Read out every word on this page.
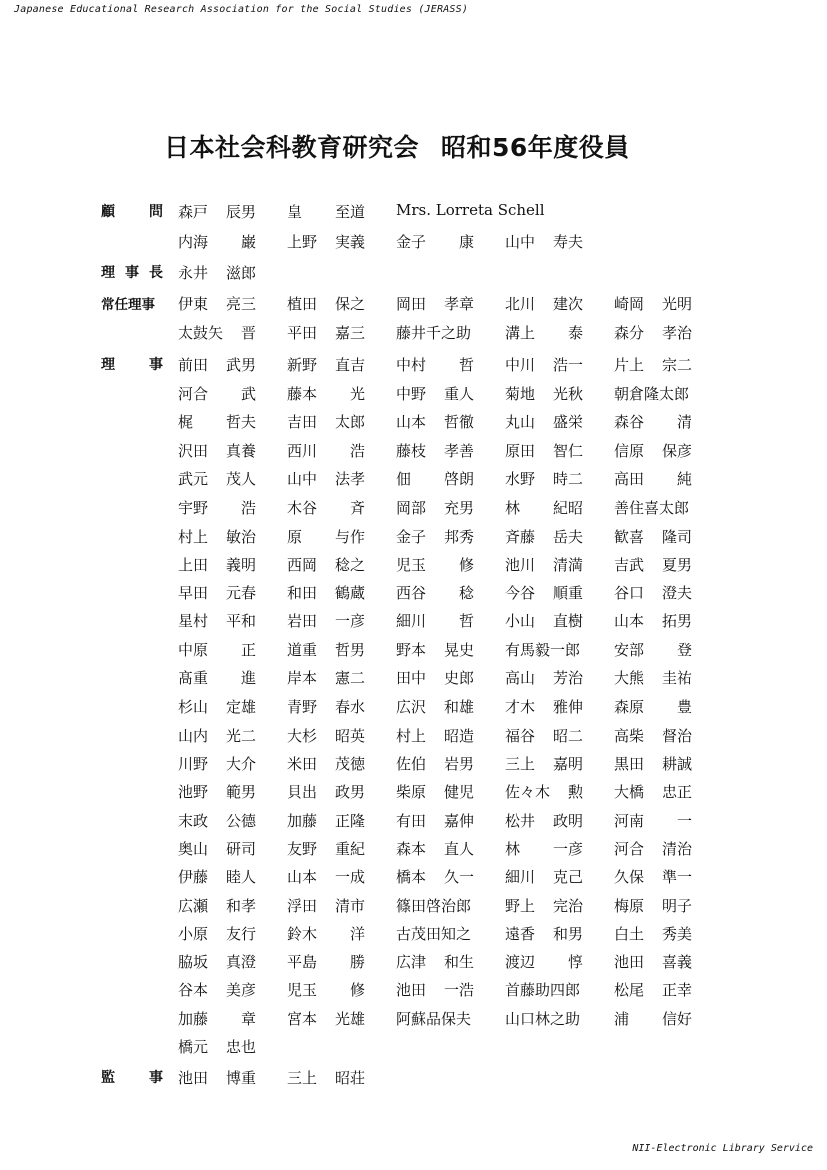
Japanese Educational Research Association for the Social Studies (JERASS)
日本社会科教育研究会 昭和56年度役員
顧 問 森戸 辰男 皇 至道 Mrs. Lorreta Schell
内海 巌 上野 実義 金子 康 山中 寿夫
理 事 長 永井 滋郎
常任理事	伊東 亮三 植田 保之 岡田 孝章 北川 建次 崎岡 光明
太鼓矢 晋 平田 嘉三 藤井千之助 溝上 泰 森分 孝治
理 事 前田 武男 新野 直吉 中村 哲 中川 浩一 片上 宗二
河合 武 藤本 光 中野 重人 菊地 光秋 朝倉隆太郎
梶 哲夫 吉田 太郎 山本 哲徹 丸山 盛栄 森谷 清
沢田 真養 西川 浩 藤枝 孝善 原田 智仁 信原 保彦
武元 茂人 山中 法孝 佃 啓朗 水野 時二 高田 純
宇野 浩 木谷 斉 岡部 充男 林 紀昭 善住喜太郎
村上 敏治 原 与作 金子 邦秀 斉藤 岳夫 歓喜 隆司
上田 義明 西岡 稔之 児玉 修 池川 清満 吉武 夏男
早田 元春 和田 鶴蔵 西谷 稔 今谷 順重 谷口 澄夫
星村 平和 岩田 一彦 細川 哲 小山 直樹 山本 拓男
中原 正 道重 哲男 野本 晃史 有馬毅一郎 安部 登
髙重 進 岸本 憲二 田中 史郎 高山 芳治 大熊 圭祐
杉山 定雄 青野 春水 広沢 和雄 才木 雅伸 森原 豊
山内 光二 大杉 昭英 村上 昭造 福谷 昭二 高柴 督治
川野 大介 米田 茂徳 佐伯 岩男 三上 嘉明 黒田 耕誠
池野 範男 貝出 政男 柴原 健児 佐々木 勲 大橋 忠正
末政 公德 加藤 正隆 有田 嘉伸 松井 政明 河南 一
奥山 研司 友野 重紀 森本 直人 林 一彦 河合 清治
伊藤 睦人 山本 一成 橋本 久一 細川 克己 久保 準一
広瀬 和孝 浮田 清市 篠田啓治郎 野上 完治 梅原 明子
小原 友行 鈴木 洋 古茂田知之 遠香 和男 白土 秀美
脇坂 真澄 平島 勝 広津 和生 渡辺 惇 池田 喜義
谷本 美彦 児玉 修 池田 一浩 首藤助四郎 松尾 正幸
加藤 章 宮本 光雄 阿蘇品保夫 山口林之助 浦 信好
橋元 忠也
監 事 池田 博重 三上 昭荘
NII-Electronic Library Service
